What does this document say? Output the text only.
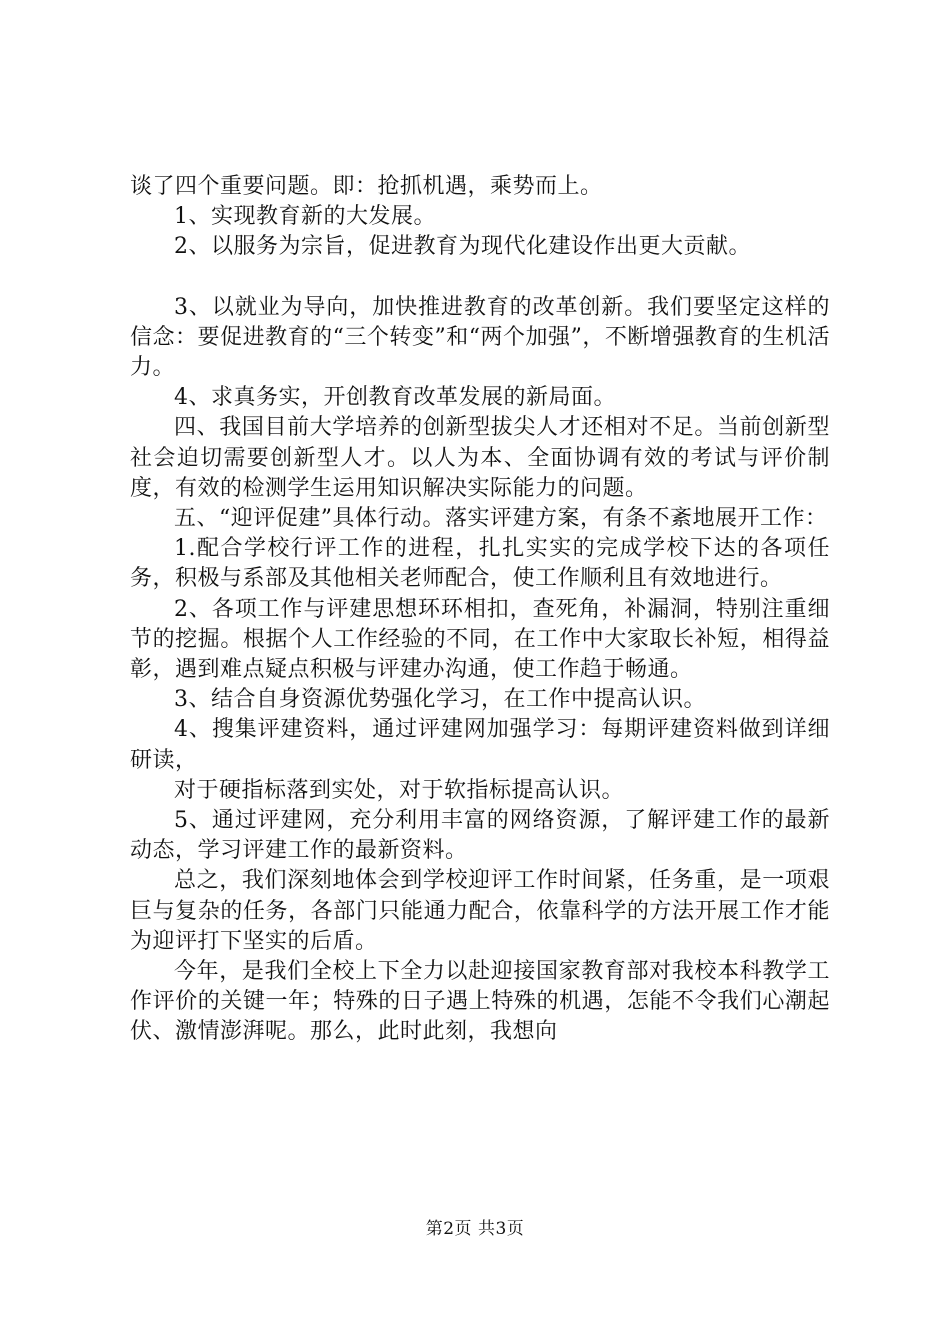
谈了四个重要问题。即：抢抓机遇，乘势而上。

1、实现教育新的大发展。

2、以服务为宗旨，促进教育为现代化建设作出更大贡献。

3、以就业为导向，加快推进教育的改革创新。我们要坚定这样的信念：要促进教育的“三个转变”和“两个加强”，不断增强教育的生机活力。

4、求真务实，开创教育改革发展的新局面。

四、我国目前大学培养的创新型拔尖人才还相对不足。当前创新型社会迫切需要创新型人才。以人为本、全面协调有效的考试与评价制度，有效的检测学生运用知识解决实际能力的问题。

五、“迎评促建”具体行动。落实评建方案，有条不紊地展开工作：

1.配合学校行评工作的进程，扎扎实实的完成学校下达的各项任务，积极与系部及其他相关老师配合，使工作顺利且有效地进行。

2、各项工作与评建思想环环相扣，查死角，补漏洞，特别注重细节的挖掘。根据个人工作经验的不同，在工作中大家取长补短，相得益彰，遇到难点疑点积极与评建办沟通，使工作趋于畅通。

3、结合自身资源优势强化学习，在工作中提高认识。

4、搜集评建资料，通过评建网加强学习：每期评建资料做到详细研读，

对于硬指标落到实处，对于软指标提高认识。

5、通过评建网，充分利用丰富的网络资源，了解评建工作的最新动态，学习评建工作的最新资料。

总之，我们深刻地体会到学校迎评工作时间紧，任务重，是一项艰巨与复杂的任务，各部门只能通力配合，依靠科学的方法开展工作才能为迎评打下坚实的后盾。

今年，是我们全校上下全力以赴迎接国家教育部对我校本科教学工作评价的关键一年；特殊的日子遇上特殊的机遇，怎能不令我们心潮起伏、激情澎湃呢。那么，此时此刻，我想向

第2页 共3页
